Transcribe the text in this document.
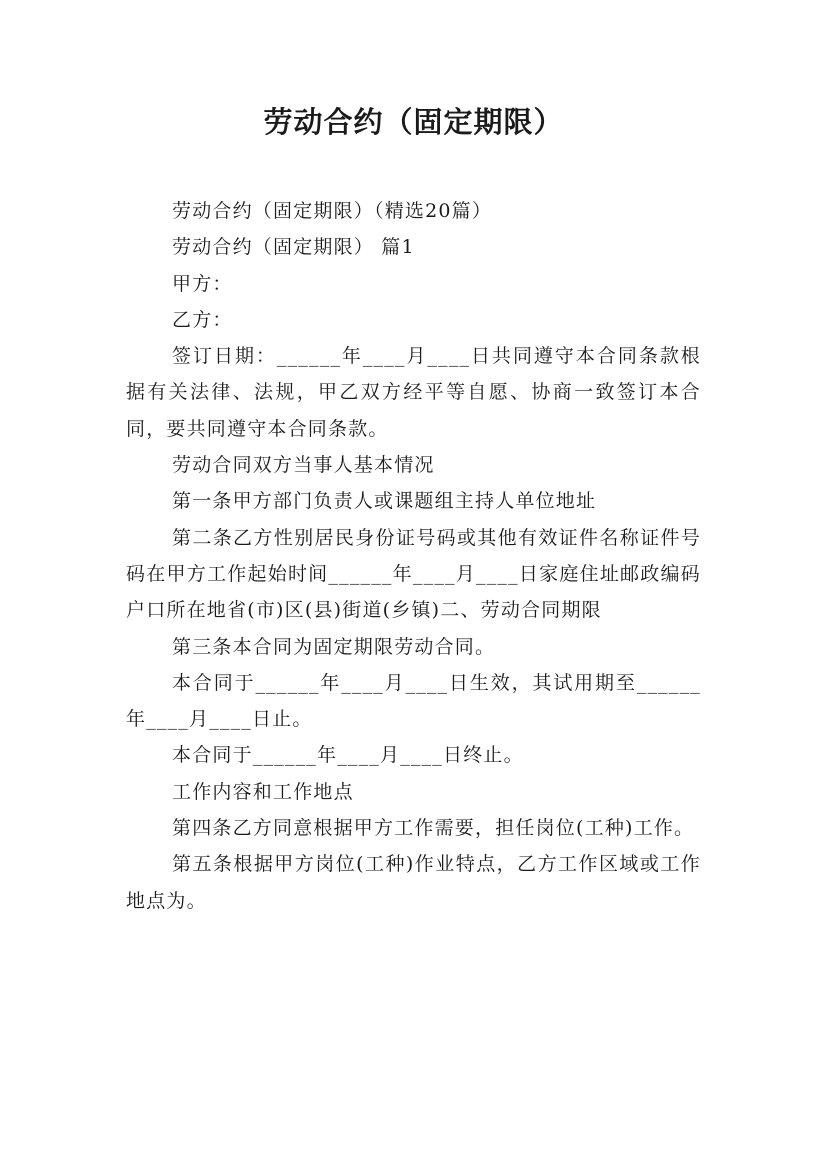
劳动合约（固定期限）

劳动合约（固定期限）（精选20篇）

劳动合约（固定期限） 篇1

甲方：

乙方：

签订日期：______年____月____日共同遵守本合同条款根据有关法律、法规，甲乙双方经平等自愿、协商一致签订本合同，要共同遵守本合同条款。

劳动合同双方当事人基本情况

第一条甲方部门负责人或课题组主持人单位地址

第二条乙方性别居民身份证号码或其他有效证件名称证件号码在甲方工作起始时间______年____月____日家庭住址邮政编码户口所在地省(市)区(县)街道(乡镇)二、劳动合同期限

第三条本合同为固定期限劳动合同。

本合同于______年____月____日生效，其试用期至______年____月____日止。

本合同于______年____月____日终止。

工作内容和工作地点

第四条乙方同意根据甲方工作需要，担任岗位(工种)工作。

第五条根据甲方岗位(工种)作业特点，乙方工作区域或工作地点为。
